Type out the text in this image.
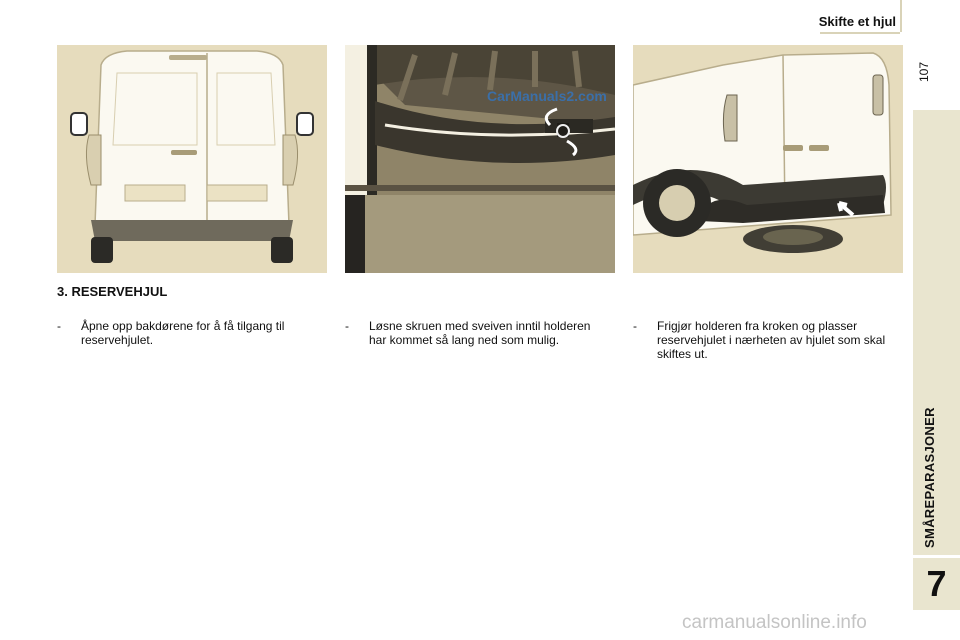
Skifte et hjul
107
SMÅREPARASJONER
7
CarManuals2.com
3. RESERVEHJUL
-	Åpne opp bakdørene for å få tilgang til reservehjulet.
-	Løsne skruen med sveiven inntil holderen har kommet så lang ned som mulig.
-	Frigjør holderen fra kroken og plasser reservehjulet i nærheten av hjulet som skal skiftes ut.
carmanualsonline.info
